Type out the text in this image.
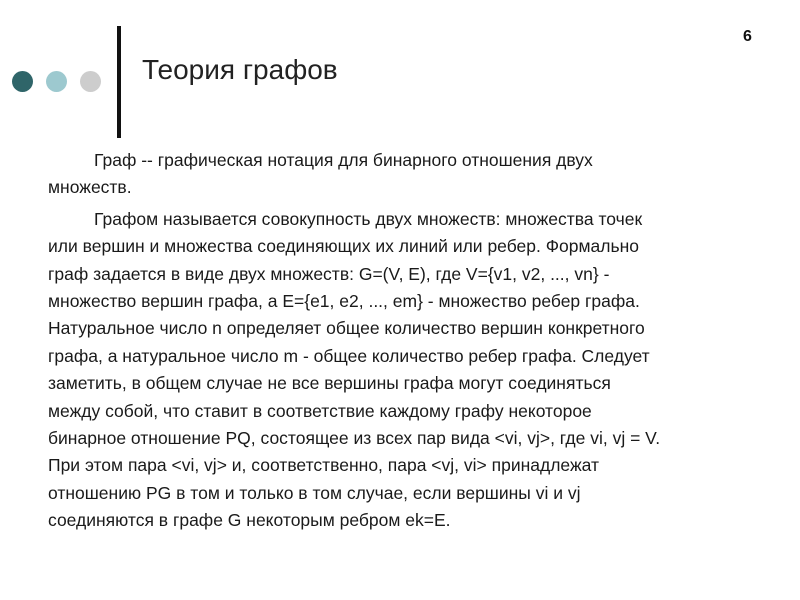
Теория графов
6
Граф -- графическая нотация для бинарного отношения двух
множеств.
Графом называется совокупность двух множеств: множества точек
или вершин и множества соединяющих их линий или ребер. Формально
граф задается в виде двух множеств: G=(V, E), где V={v1, v2, ..., vn} -
множество вершин графа, а E={e1, e2, ..., em} - множество ребер графа.
Натуральное число n определяет общее количество вершин конкретного
графа, а натуральное число m - общее количество ребер графа. Следует
заметить, в общем случае не все вершины графа могут соединяться
между собой, что ставит в соответствие каждому графу некоторое
бинарное отношение PQ, состоящее из всех пар вида <vi, vj>, где vi, vj = V.
При этом пара <vi, vj> и, соответственно, пара <vj, vi> принадлежат
отношению PG в том и только в том случае, если вершины vi и vj
соединяются в графе G некоторым ребром ek=E.
